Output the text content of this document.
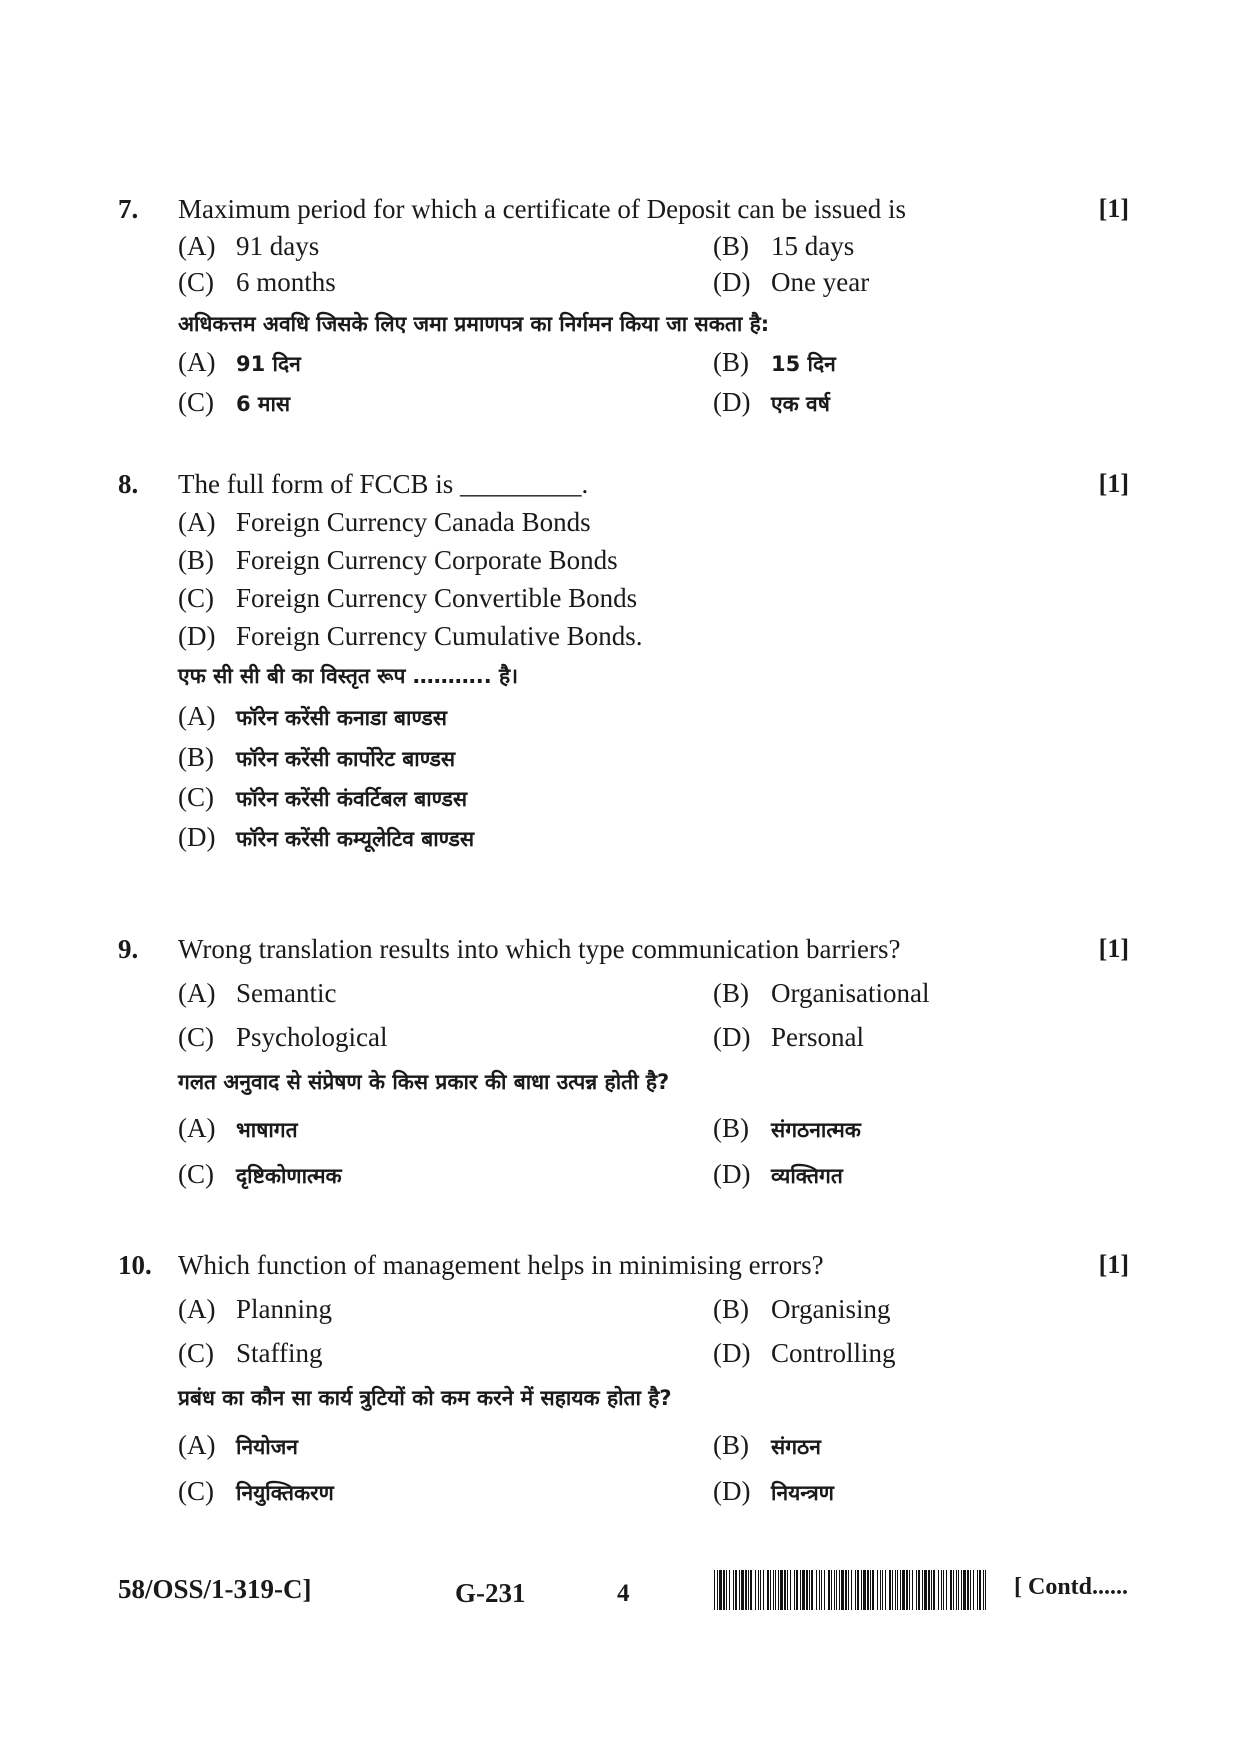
7. Maximum period for which a certificate of Deposit can be issued is	[1]
(A) 91 days	(B) 15 days
(C) 6 months	(D) One year
अधिकत्तम अवधि जिसके लिए जमा प्रमाणपत्र का निर्गमन किया जा सकता है:
(A) 91 दिन	(B) 15 दिन
(C) 6 मास	(D) एक वर्ष
8. The full form of FCCB is _________.	[1]
(A) Foreign Currency Canada Bonds
(B) Foreign Currency Corporate Bonds
(C) Foreign Currency Convertible Bonds
(D) Foreign Currency Cumulative Bonds.
एफ सी सी बी का विस्तृत रूप ……….. है।
(A) फॉरेन करेंसी कनाडा बाण्डस
(B) फॉरेन करेंसी कार्पोरेट बाण्डस
(C) फॉरेन करेंसी कंवर्टिबल बाण्डस
(D) फॉरेन करेंसी कम्यूलेटिव बाण्डस
9. Wrong translation results into which type communication barriers?	[1]
(A) Semantic	(B) Organisational
(C) Psychological	(D) Personal
गलत अनुवाद से संप्रेषण के किस प्रकार की बाधा उत्पन्न होती है?
(A) भाषागत	(B) संगठनात्मक
(C) दृष्टिकोणात्मक	(D) व्यक्तिगत
10. Which function of management helps in minimising errors?	[1]
(A) Planning	(B) Organising
(C) Staffing	(D) Controlling
प्रबंध का कौन सा कार्य त्रुटियों को कम करने में सहायक होता है?
(A) नियोजन	(B) संगठन
(C) नियुक्तिकरण	(D) नियन्त्रण
58/OSS/1-319-C]	G-231	4	[ Contd......
